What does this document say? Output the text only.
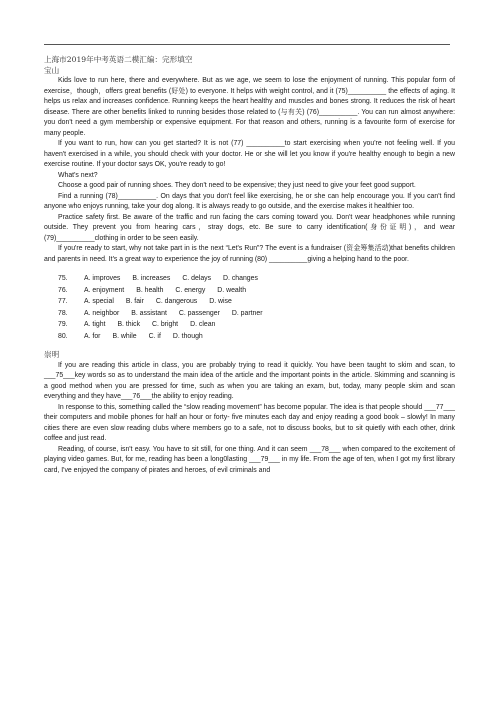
上海市2019年中考英语二模汇编：完形填空
宝山

Kids love to run here, there and everywhere. But as we age, we seem to lose the enjoyment of running. This popular form of exercise，though，offers great benefits (好处) to everyone. It helps with weight control, and it (75)__________ the effects of aging. It helps us relax and increases confidence. Running keeps the heart healthy and muscles and bones strong. It reduces the risk of heart disease. There are other benefits linked to running besides those related to (与有关) (76)__________. You can run almost anywhere: you don't need a gym membership or expensive equipment. For that reason and others, running is a favourite form of exercise for many people.

If you want to run, how can you get started? It is not (77) __________to start exercising when you're not feeling well. If you haven't exercised in a while, you should check with your doctor. He or she will let you know if you're healthy enough to begin a new exercise routine. If your doctor says OK, you're ready to go!

What's next?

Choose a good pair of running shoes. They don't need to be expensive; they just need to give your feet good support.

Find a running (78)__________. On days that you don't feel like exercising, he or she can help encourage you. If you can't find anyone who enjoys running, take your dog along. It is always ready to go outside, and the exercise makes it healthier too.

Practice safety first. Be aware of the traffic and run facing the cars coming toward you. Don't wear headphones while running outside. They prevent you from hearing cars，stray dogs, etc. Be sure to carry identification(身份证明)，and wear (79)__________clothing in order to be seen easily.

If you're ready to start, why not take part in is the next “Let's Run”? The event is a fundraiser (资金筹集活动)that benefits children and parents in need. It's a great way to experience the joy of running (80) __________giving a helping hand to the poor.

75.	A. improves B. increases C. delays D. changes
76.	A. enjoyment B. health C. energy D. wealth
77.	A. special B. fair C. dangerous D. wise
78.	A. neighbor B. assistant C. passenger D. partner
79.	A. tight B. thick C. bright D. clean
80.	A. for B. while C. if D. though
崇明

If you are reading this article in class, you are probably trying to read it quickly. You have been taught to skim and scan, to ___75___key words so as to understand the main idea of the article and the important points in the article. Skimming and scanning is a good method when you are pressed for time, such as when you are taking an exam, but, today, many people skim and scan everything and they have___76___the ability to enjoy reading.

In response to this, something called the “slow reading movement” has become popular. The idea is that people should ___77___ their computers and mobile phones for half an hour or forty- five minutes each day and enjoy reading a good book – slowly! In many cities there are even slow reading clubs where members go to a safe, not to discuss books, but to sit quietly with each other, drink coffee and just read.

Reading, of course, isn't easy. You have to sit still, for one thing. And it can seem ___78___ when compared to the excitement of playing video games. But, for me, reading has been a long0lasting ___79___ in my life. From the age of ten, when I got my first library card, I've enjoyed the company of pirates and heroes, of evil criminals and
